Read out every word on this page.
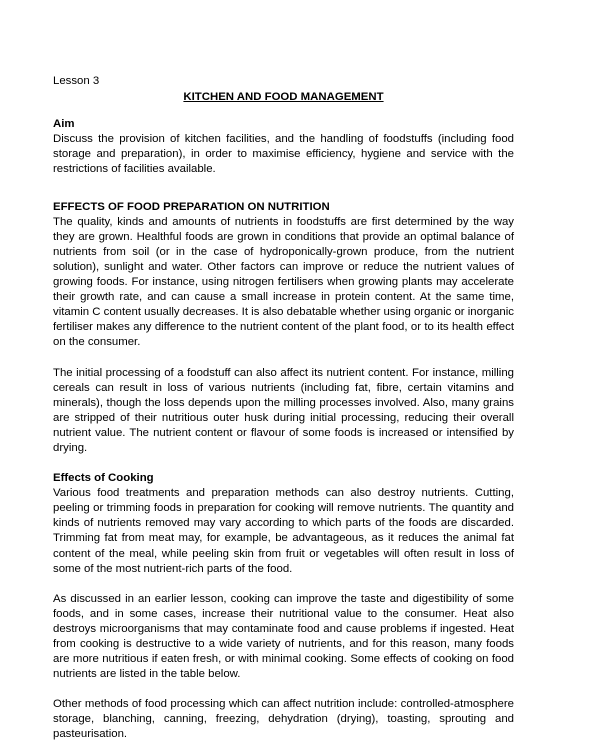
Lesson 3
KITCHEN AND FOOD MANAGEMENT
Aim

Discuss the provision of kitchen facilities, and the handling of foodstuffs (including food storage and preparation), in order to maximise efficiency, hygiene and service with the restrictions of facilities available.

EFFECTS OF FOOD PREPARATION ON NUTRITION

The quality, kinds and amounts of nutrients in foodstuffs are first determined by the way they are grown. Healthful foods are grown in conditions that provide an optimal balance of nutrients from soil (or in the case of hydroponically-grown produce, from the nutrient solution), sunlight and water. Other factors can improve or reduce the nutrient values of growing foods. For instance, using nitrogen fertilisers when growing plants may accelerate their growth rate, and can cause a small increase in protein content. At the same time, vitamin C content usually decreases. It is also debatable whether using organic or inorganic fertiliser makes any difference to the nutrient content of the plant food, or to its health effect on the consumer.

The initial processing of a foodstuff can also affect its nutrient content. For instance, milling cereals can result in loss of various nutrients (including fat, fibre, certain vitamins and minerals), though the loss depends upon the milling processes involved. Also, many grains are stripped of their nutritious outer husk during initial processing, reducing their overall nutrient value. The nutrient content or flavour of some foods is increased or intensified by drying.

Effects of Cooking

Various food treatments and preparation methods can also destroy nutrients. Cutting, peeling or trimming foods in preparation for cooking will remove nutrients. The quantity and kinds of nutrients removed may vary according to which parts of the foods are discarded. Trimming fat from meat may, for example, be advantageous, as it reduces the animal fat content of the meal, while peeling skin from fruit or vegetables will often result in loss of some of the most nutrient-rich parts of the food.

As discussed in an earlier lesson, cooking can improve the taste and digestibility of some foods, and in some cases, increase their nutritional value to the consumer. Heat also destroys microorganisms that may contaminate food and cause problems if ingested. Heat from cooking is destructive to a wide variety of nutrients, and for this reason, many foods are more nutritious if eaten fresh, or with minimal cooking. Some effects of cooking on food nutrients are listed in the table below.

Other methods of food processing which can affect nutrition include: controlled-atmosphere storage, blanching, canning, freezing, dehydration (drying), toasting, sprouting and pasteurisation.
